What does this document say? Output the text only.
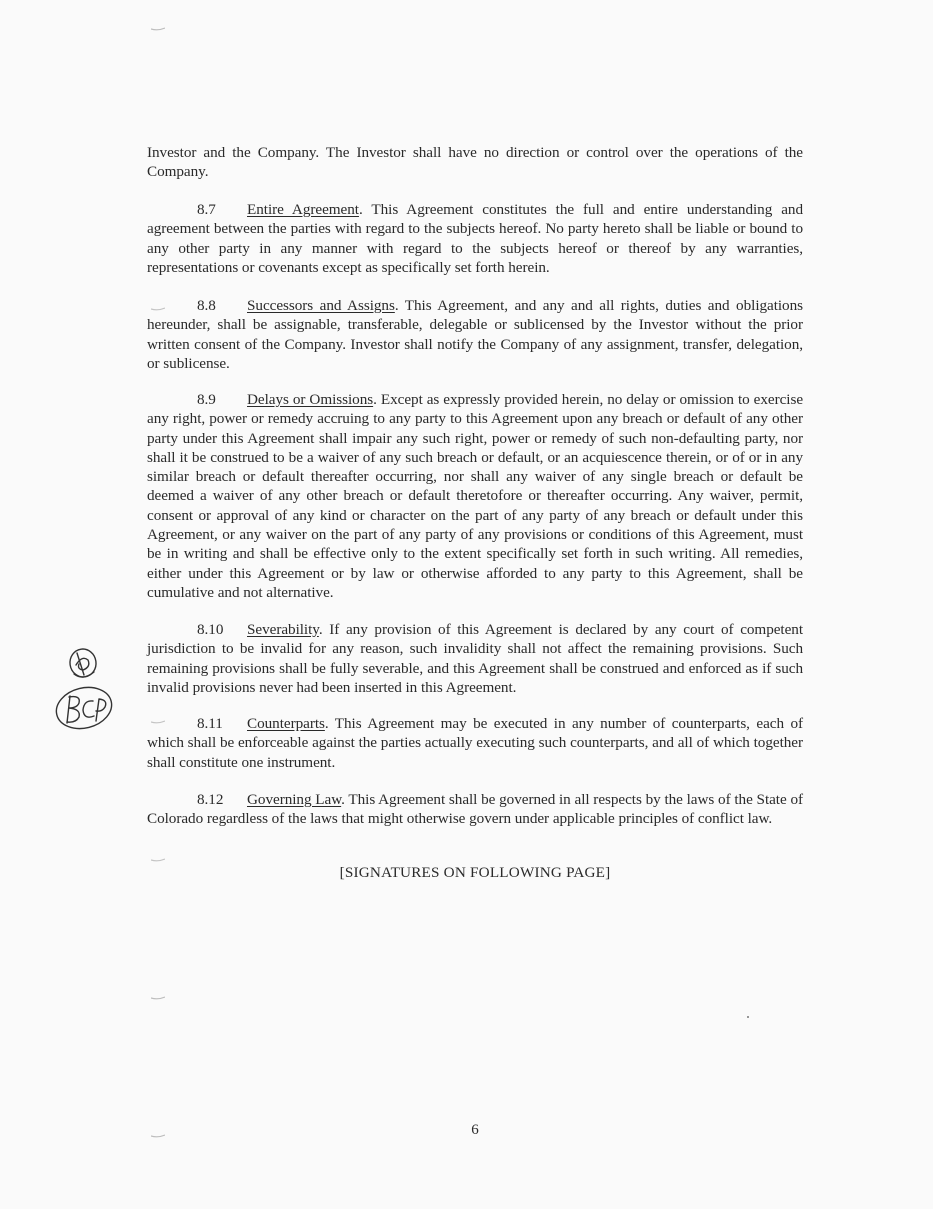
Investor and the Company. The Investor shall have no direction or control over the operations of the Company.
8.7 Entire Agreement. This Agreement constitutes the full and entire understanding and agreement between the parties with regard to the subjects hereof. No party hereto shall be liable or bound to any other party in any manner with regard to the subjects hereof or thereof by any warranties, representations or covenants except as specifically set forth herein.
8.8 Successors and Assigns. This Agreement, and any and all rights, duties and obligations hereunder, shall be assignable, transferable, delegable or sublicensed by the Investor without the prior written consent of the Company. Investor shall notify the Company of any assignment, transfer, delegation, or sublicense.
8.9 Delays or Omissions. Except as expressly provided herein, no delay or omission to exercise any right, power or remedy accruing to any party to this Agreement upon any breach or default of any other party under this Agreement shall impair any such right, power or remedy of such non-defaulting party, nor shall it be construed to be a waiver of any such breach or default, or an acquiescence therein, or of or in any similar breach or default thereafter occurring, nor shall any waiver of any single breach or default be deemed a waiver of any other breach or default theretofore or thereafter occurring. Any waiver, permit, consent or approval of any kind or character on the part of any party of any breach or default under this Agreement, or any waiver on the part of any party of any provisions or conditions of this Agreement, must be in writing and shall be effective only to the extent specifically set forth in such writing. All remedies, either under this Agreement or by law or otherwise afforded to any party to this Agreement, shall be cumulative and not alternative.
8.10 Severability. If any provision of this Agreement is declared by any court of competent jurisdiction to be invalid for any reason, such invalidity shall not affect the remaining provisions. Such remaining provisions shall be fully severable, and this Agreement shall be construed and enforced as if such invalid provisions never had been inserted in this Agreement.
8.11 Counterparts. This Agreement may be executed in any number of counterparts, each of which shall be enforceable against the parties actually executing such counterparts, and all of which together shall constitute one instrument.
8.12 Governing Law. This Agreement shall be governed in all respects by the laws of the State of Colorado regardless of the laws that might otherwise govern under applicable principles of conflict law.
[SIGNATURES ON FOLLOWING PAGE]
6
